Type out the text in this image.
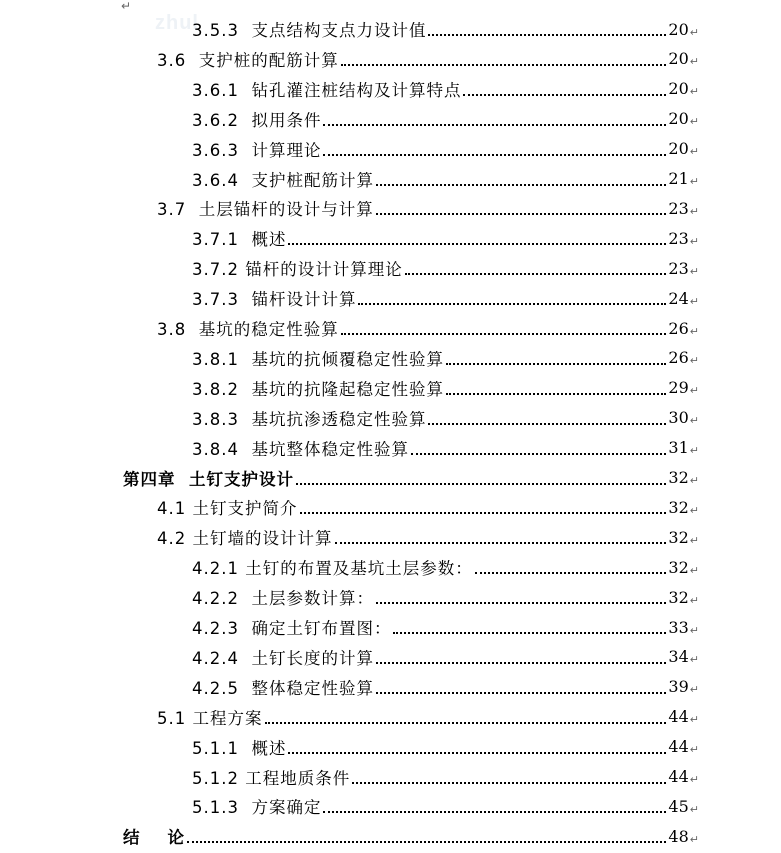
↵
zhul
3.5.3  支点结构支点力设计值	20 ↵
3.6  支护桩的配筋计算	20 ↵
3.6.1  钻孔灌注桩结构及计算特点	20 ↵
3.6.2  拟用条件	20 ↵
3.6.3  计算理论	20 ↵
3.6.4  支护桩配筋计算	21 ↵
3.7  土层锚杆的设计与计算	23 ↵
3.7.1  概述	23 ↵
3.7.2 锚杆的设计计算理论	23 ↵
3.7.3  锚杆设计计算	24 ↵
3.8  基坑的稳定性验算	26 ↵
3.8.1  基坑的抗倾覆稳定性验算	26 ↵
3.8.2  基坑的抗隆起稳定性验算	29 ↵
3.8.3  基坑抗渗透稳定性验算	30 ↵
3.8.4  基坑整体稳定性验算	31 ↵
第四章  土钉支护设计	32 ↵
4.1 土钉支护简介	32 ↵
4.2 土钉墙的设计计算	32 ↵
4.2.1 土钉的布置及基坑土层参数：	32 ↵
4.2.2  土层参数计算：	32 ↵
4.2.3  确定土钉布置图：	33 ↵
4.2.4  土钉长度的计算	34 ↵
4.2.5  整体稳定性验算	39 ↵
5.1 工程方案	44 ↵
5.1.1  概述	44 ↵
5.1.2 工程地质条件	44 ↵
5.1.3  方案确定	45 ↵
结    论	48 ↵
